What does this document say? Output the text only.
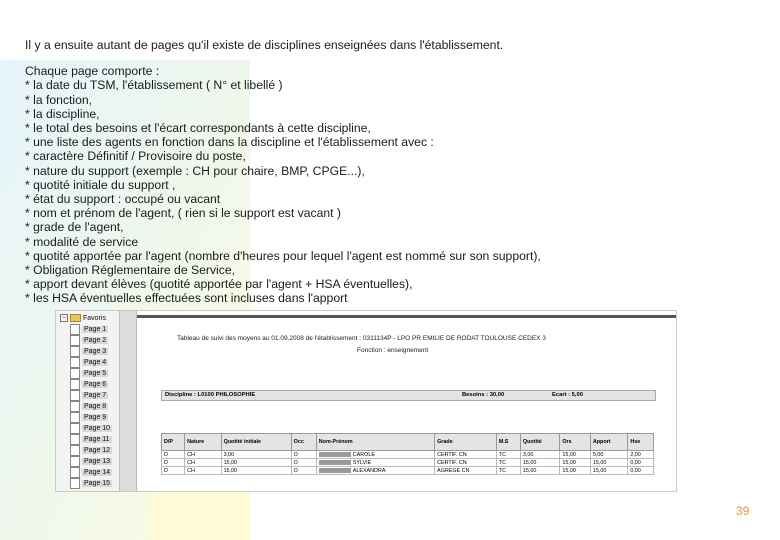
Il y a ensuite autant de pages qu'il existe de disciplines enseignées dans l'établissement.

Chaque page comporte :
* la date du TSM, l'établissement ( N° et libellé )
* la fonction,
* la discipline,
* le total des besoins et l'écart correspondants à cette discipline,
* une liste des agents en fonction dans la discipline et l'établissement avec :
* caractère Définitif / Provisoire du poste,
* nature du support (exemple : CH pour chaire, BMP, CPGE...),
* quotité initiale du support ,
* état du support : occupé ou vacant
* nom et prénom de l'agent, ( rien si le support est vacant )
* grade de l'agent,
* modalité de service
* quotité apportée par l'agent (nombre d'heures pour lequel l'agent est nommé sur son support),
* Obligation Réglementaire de Service,
* apport devant élèves (quotité apportée par l'agent + HSA éventuelles),
* les HSA éventuelles effectuées sont incluses dans l'apport
−	Favoris
Page 1
Page 2
Page 3
Page 4
Page 5
Page 6
Page 7
Page 8
Page 9
Page 10
Page 11
Page 12
Page 13
Page 14
Page 15
Tableau de suivi des moyens au 01.09.2008 de l'établissement : 0311134P - LPO PR EMILIE DE RODAT TOULOUSE CEDEX 3
Fonction : enseignement
Discipline : L0100 PHILOSOPHIE	Besoins : 30,00	Ecart : 5,00
D/P	Nature	Quotité initiale	Occ	Nom-Prénom	Grade	M.S	Quotité	Ors	Apport	Hse
D	CH	3,00	O	CAROLE	CERTIF. CN	TC	3,00	15,00	5,00	2,00
D	CH	15,00	O	SYLVIE	CERTIF. CN	TC	15,00	15,00	15,00	0,00
D	CH	15,00	O	ALEXANDRA	AGREGE CN	TC	15,00	15,00	15,00	0,00
39
